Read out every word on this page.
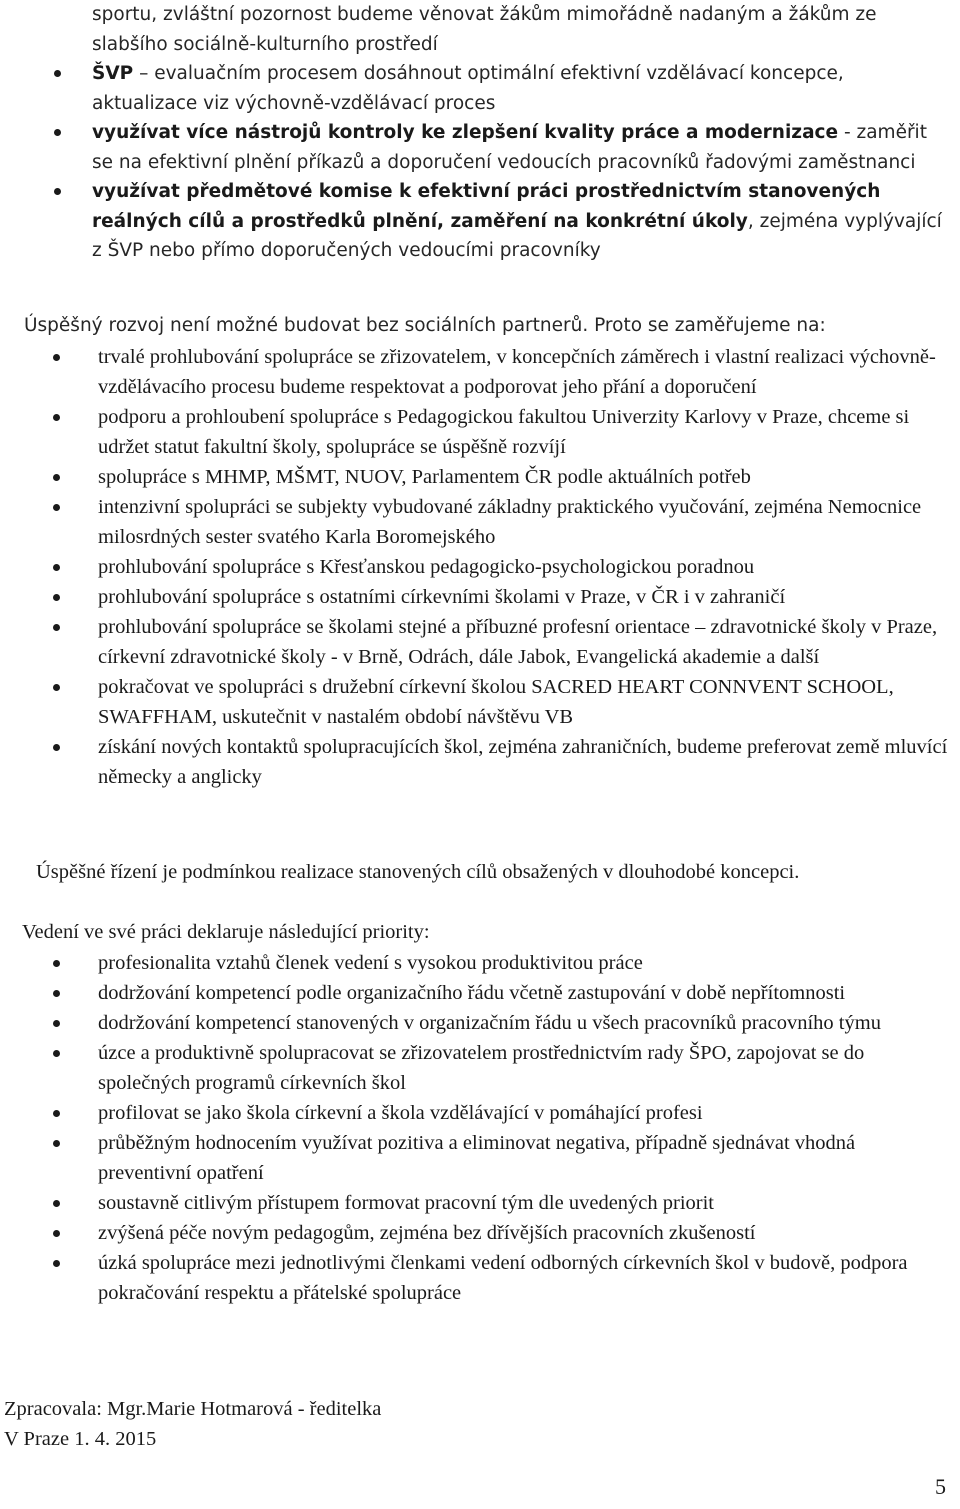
sportu, zvláštní pozornost budeme věnovat žákům mimořádně nadaným a žákům ze
slabšího sociálně-kulturního prostředí
ŠVP – evaluačním procesem dosáhnout optimální efektivní vzdělávací koncepce, aktualizace viz výchovně-vzdělávací proces
využívat více nástrojů kontroly ke zlepšení kvality práce a modernizace - zaměřit se na efektivní plnění příkazů a doporučení vedoucích pracovníků řadovými zaměstnanci
využívat předmětové komise k efektivní práci prostřednictvím stanovených reálných cílů a prostředků plnění, zaměření na konkrétní úkoly, zejména vyplývající z ŠVP nebo přímo doporučených vedoucími pracovníky

Úspěšný rozvoj není možné budovat bez sociálních partnerů. Proto se zaměřujeme na:

trvalé prohlubování spolupráce se zřizovatelem, v koncepčních záměrech i vlastní realizaci výchovně-vzdělávacího procesu budeme respektovat a podporovat jeho přání a doporučení
podporu a prohloubení spolupráce s Pedagogickou fakultou Univerzity Karlovy v Praze, chceme si udržet statut fakultní školy, spolupráce se úspěšně rozvíjí
spolupráce s MHMP, MŠMT, NUOV, Parlamentem ČR podle aktuálních potřeb
intenzivní spolupráci se subjekty vybudované základny praktického vyučování, zejména Nemocnice milosrdných sester svatého Karla Boromejského
prohlubování spolupráce s Křesťanskou pedagogicko-psychologickou poradnou
prohlubování spolupráce s ostatními církevními školami v Praze, v ČR i v zahraničí
prohlubování spolupráce se školami stejné a příbuzné profesní orientace – zdravotnické školy v Praze, církevní zdravotnické školy - v Brně, Odrách, dále Jabok, Evangelická akademie a další
pokračovat ve spolupráci s družební církevní školou SACRED HEART CONNVENT SCHOOL, SWAFFHAM, uskutečnit v nastalém období návštěvu VB
získání nových kontaktů spolupracujících škol, zejména zahraničních, budeme preferovat země mluvící německy a anglicky

Úspěšné řízení je podmínkou realizace stanovených cílů obsažených v dlouhodobé koncepci.

Vedení ve své práci deklaruje následující priority:

profesionalita vztahů členek vedení s vysokou produktivitou práce
dodržování kompetencí podle organizačního řádu včetně zastupování v době nepřítomnosti
dodržování kompetencí stanovených v organizačním řádu u všech pracovníků pracovního týmu
úzce a produktivně spolupracovat se zřizovatelem prostřednictvím rady ŠPO, zapojovat se do společných programů církevních škol
profilovat se jako škola církevní a škola vzdělávající v pomáhající profesi
průběžným hodnocením využívat pozitiva a eliminovat negativa, případně sjednávat vhodná preventivní opatření
soustavně citlivým přístupem formovat pracovní tým dle uvedených priorit
zvýšená péče novým pedagogům, zejména bez dřívějších pracovních zkušeností
úzká spolupráce mezi jednotlivými členkami vedení odborných církevních škol v budově, podpora pokračování respektu a přátelské spolupráce
Zpracovala: Mgr.Marie Hotmarová - ředitelka
V Praze 1. 4. 2015
5
